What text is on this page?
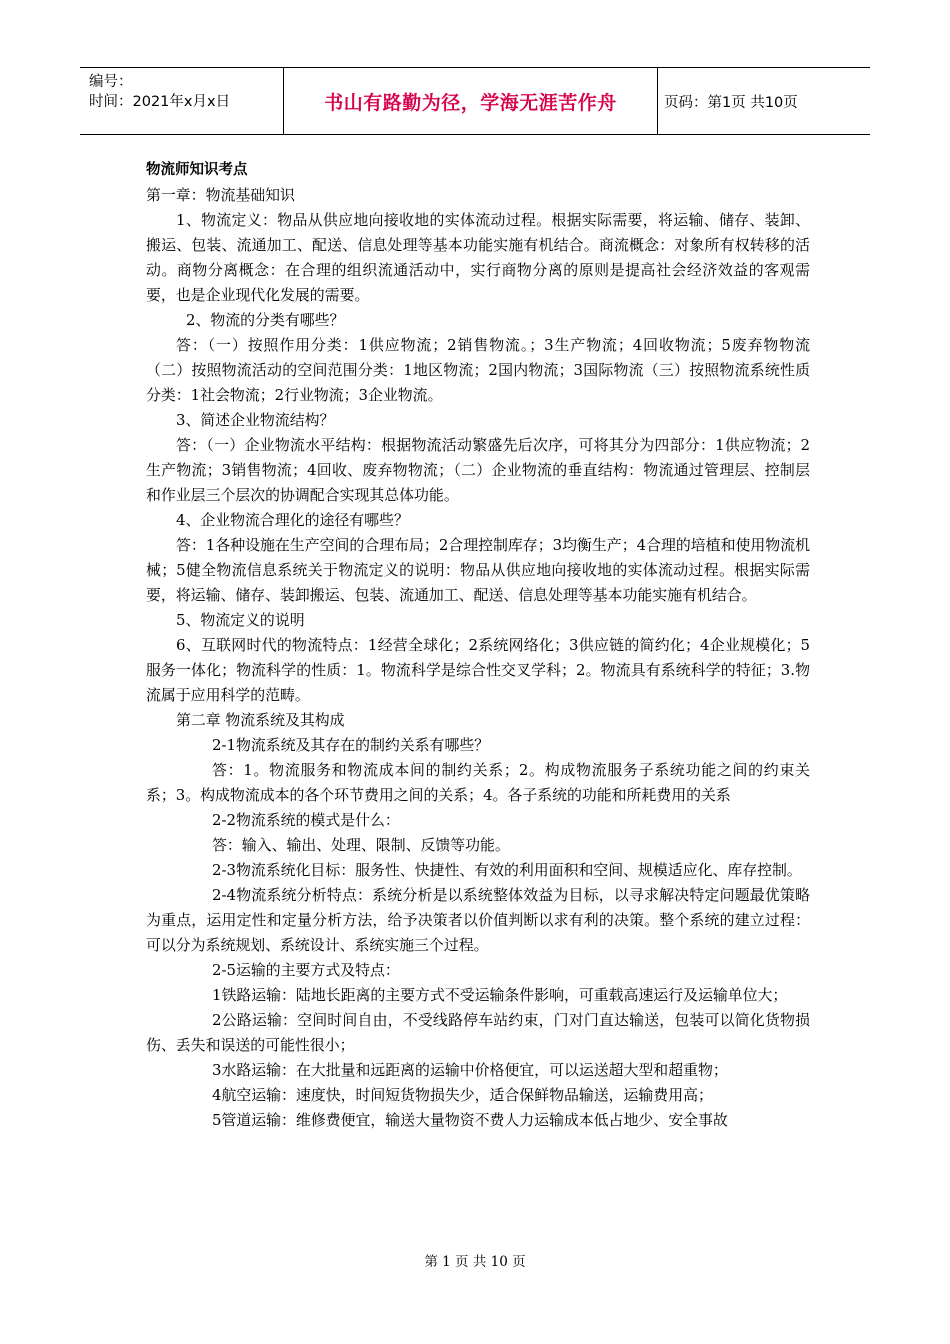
编号：
时间：2021年x月x日	书山有路勤为径，学海无涯苦作舟	页码：第1页 共10页

物流师知识考点

第一章：物流基础知识

1、物流定义：物品从供应地向接收地的实体流动过程。根据实际需要，将运输、储存、装卸、搬运、包装、流通加工、配送、信息处理等基本功能实施有机结合。商流概念：对象所有权转移的活动。商物分离概念：在合理的组织流通活动中，实行商物分离的原则是提高社会经济效益的客观需要，也是企业现代化发展的需要。

2、物流的分类有哪些？

答：（一）按照作用分类：1供应物流；2销售物流。；3生产物流；4回收物流；5废弃物物流（二）按照物流活动的空间范围分类：1地区物流；2国内物流；3国际物流（三）按照物流系统性质分类：1社会物流；2行业物流；3企业物流。

3、简述企业物流结构？

答：（一）企业物流水平结构：根据物流活动繁盛先后次序，可将其分为四部分：1供应物流；2生产物流；3销售物流；4回收、废弃物物流；（二）企业物流的垂直结构：物流通过管理层、控制层和作业层三个层次的协调配合实现其总体功能。

4、企业物流合理化的途径有哪些？

答：1各种设施在生产空间的合理布局；2合理控制库存；3均衡生产；4合理的培植和使用物流机械；5健全物流信息系统关于物流定义的说明：物品从供应地向接收地的实体流动过程。根据实际需要，将运输、储存、装卸搬运、包装、流通加工、配送、信息处理等基本功能实施有机结合。

5、物流定义的说明

6、互联网时代的物流特点：1经营全球化；2系统网络化；3供应链的简约化；4企业规模化；5服务一体化；物流科学的性质：1。物流科学是综合性交叉学科；2。物流具有系统科学的特征；3.物流属于应用科学的范畴。

第二章 物流系统及其构成

2-1物流系统及其存在的制约关系有哪些？

答：1。物流服务和物流成本间的制约关系；2。构成物流服务子系统功能之间的约束关系；3。构成物流成本的各个环节费用之间的关系；4。各子系统的功能和所耗费用的关系

2-2物流系统的模式是什么：

答：输入、输出、处理、限制、反馈等功能。

2-3物流系统化目标：服务性、快捷性、有效的利用面积和空间、规模适应化、库存控制。

2-4物流系统分析特点：系统分析是以系统整体效益为目标，以寻求解决特定问题最优策略为重点，运用定性和定量分析方法，给予决策者以价值判断以求有利的决策。整个系统的建立过程：可以分为系统规划、系统设计、系统实施三个过程。

2-5运输的主要方式及特点：

1铁路运输：陆地长距离的主要方式不受运输条件影响，可重载高速运行及运输单位大；

2公路运输：空间时间自由，不受线路停车站约束，门对门直达输送，包装可以简化货物损伤、丢失和误送的可能性很小；

3水路运输：在大批量和远距离的运输中价格便宜，可以运送超大型和超重物；

4航空运输：速度快，时间短货物损失少，适合保鲜物品输送，运输费用高；

5管道运输：维修费便宜，输送大量物资不费人力运输成本低占地少、安全事故

第 1 页 共 10 页
